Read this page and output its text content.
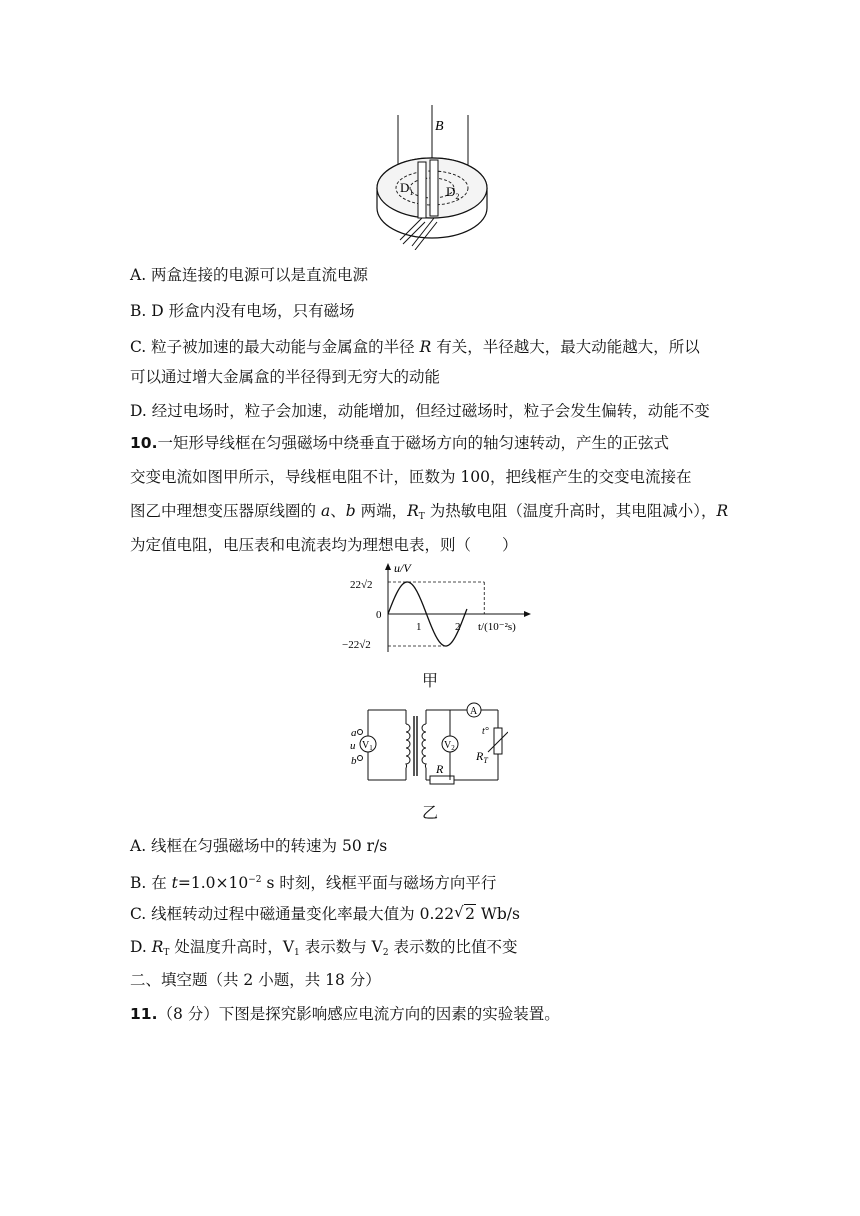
B
$D_1$	$D_2$
A. 两盒连接的电源可以是直流电源
B. D 形盒内没有电场，只有磁场
C. 粒子被加速的最大动能与金属盒的半径 R 有关，半径越大，最大动能越大，所以
可以通过增大金属盒的半径得到无穷大的动能
D. 经过电场时，粒子会加速，动能增加，但经过磁场时，粒子会发生偏转，动能不变
10.一矩形导线框在匀强磁场中绕垂直于磁场方向的轴匀速转动，产生的正弦式
交变电流如图甲所示，导线框电阻不计，匝数为 100，把线框产生的交变电流接在
图乙中理想变压器原线圈的 a、b 两端，$R_T$ 为热敏电阻（温度升高时，其电阻减小），R
为定值电阻，电压表和电流表均为理想电表，则（　　）
u/V
t/(10⁻²s)
22√2
0
−22√2
1	2
甲
a
u
b
$V_1$	$V_2$
A
R
$R_T$
t°
乙
A. 线框在匀强磁场中的转速为 50 r/s
B. 在 $t=1.0\times 10^{-2}$ s 时刻，线框平面与磁场方向平行
C. 线框转动过程中磁通量变化率最大值为 0.22 √ 2 Wb/s
D. $R_T$ 处温度升高时，$V_1$ 表示数与 $V_2$ 表示数的比值不变
二、填空题（共 2 小题，共 18 分）
11.（8 分）下图是探究影响感应电流方向的因素的实验装置。
